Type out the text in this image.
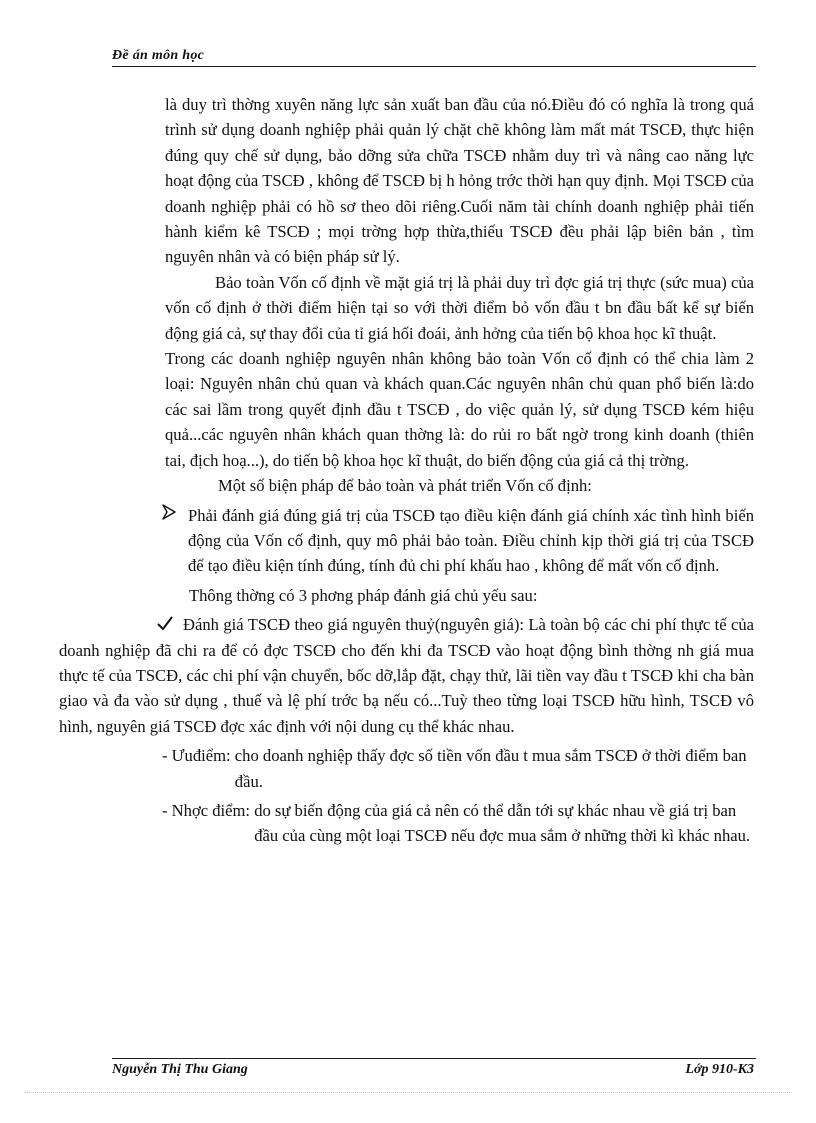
Đề án môn học

là duy trì thờng xuyên năng lực sản xuất ban đầu của nó.Điều đó có nghĩa là trong quá trình sử dụng doanh nghiệp phải quản lý chặt chẽ không làm mất mát TSCĐ, thực hiện đúng quy chế sử dụng, bảo dỡng sửa chữa TSCĐ nhằm duy trì và nâng cao năng lực hoạt động của TSCĐ , không để TSCĐ bị h hỏng trớc thời hạn quy định. Mọi TSCĐ của doanh nghiệp phải có hồ sơ theo dõi riêng.Cuối năm tài chính doanh nghiệp phải tiến hành kiểm kê TSCĐ ; mọi trờng hợp thừa,thiếu TSCĐ đều phải lập biên bản , tìm nguyên nhân và có biện pháp sử lý.

Bảo toàn Vốn cố định về mặt giá trị là phải duy trì đợc giá trị thực (sức mua) của vốn cố định ở thời điểm hiện tại so với thời điểm bỏ vốn đầu t bn đầu bất kể sự biến động giá cả, sự thay đổi của tỉ giá hối đoái, ảnh hởng của tiến bộ khoa học kĩ thuật.

Trong các doanh nghiệp nguyên nhân không bảo toàn Vốn cố định có thể chia làm 2 loại: Nguyên nhân chủ quan và khách quan.Các nguyên nhân chủ quan phổ biến là:do các sai lầm trong quyết định đầu t TSCĐ , do việc quản lý, sử dụng TSCĐ kém hiệu quả...các nguyên nhân khách quan thờng là: do rủi ro bất ngờ trong kinh doanh (thiên tai, địch hoạ...), do tiến bộ khoa học kĩ thuật, do biến động của giá cả thị trờng.

Một số biện pháp để bảo toàn và phát triển Vốn cố định:

Phải đánh giá đúng giá trị của TSCĐ tạo điều kiện đánh giá chính xác tình hình biến động của Vốn cố định, quy mô phải bảo toàn. Điều chỉnh kịp thời giá trị của TSCĐ để tạo điều kiện tính đúng, tính đủ chi phí khấu hao , không để mất vốn cố định.

Thông thờng có 3 phơng pháp đánh giá chủ yếu sau:

Đánh giá TSCĐ theo giá nguyên thuỷ(nguyên giá): Là toàn bộ các chi phí thực tế của doanh nghiệp đã chi ra để có đợc TSCĐ cho đến khi đa TSCĐ vào hoạt động bình thờng nh giá mua thực tế của TSCĐ, các chi phí vận chuyển, bốc dỡ,lắp đặt, chạy thử, lãi tiền vay đầu t TSCĐ khi cha bàn giao và đa vào sử dụng , thuế và lệ phí trớc bạ nếu có...Tuỳ theo từng loại TSCĐ hữu hình, TSCĐ vô hình, nguyên giá TSCĐ đợc xác định với nội dung cụ thể khác nhau.

- Ưuđiểm: cho doanh nghiệp thấy đợc số tiền vốn đầu t mua sắm TSCĐ ở thời điểm ban đầu.
- Nhợc điểm: do sự biến động của giá cả nên có thể dẫn tới sự khác nhau về giá trị ban đầu của cùng một loại TSCĐ nếu đợc mua sắm ở những thời kì khác nhau.
Nguyễn Thị Thu Giang	Lớp 910-K3
